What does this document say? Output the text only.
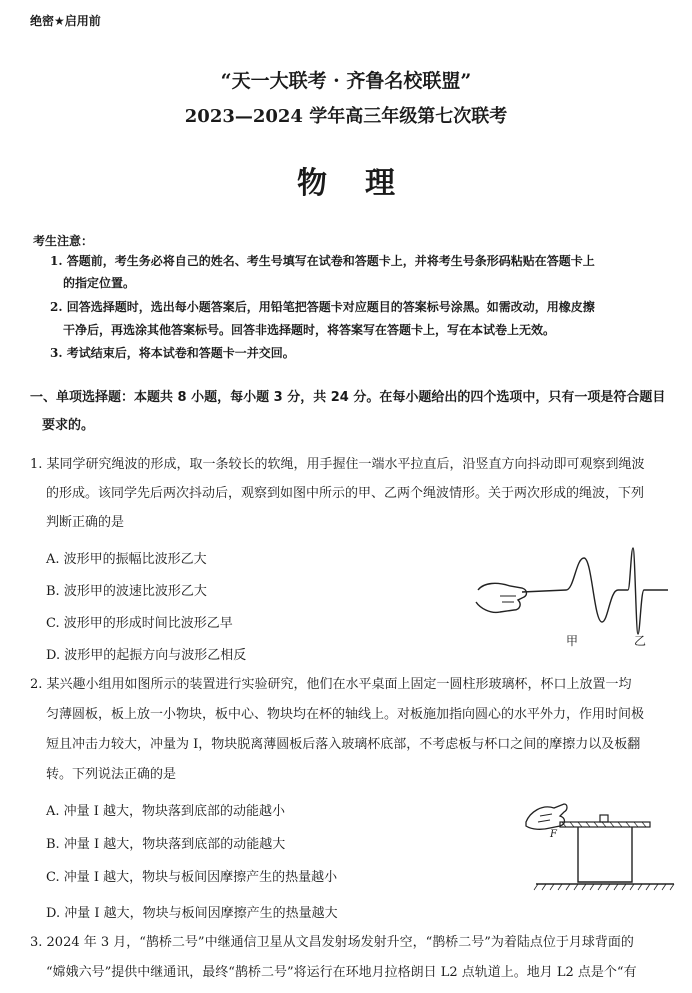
绝密★启用前
“天一大联考 · 齐鲁名校联盟”
2023—2024 学年高三年级第七次联考
物理
考生注意：
1. 答题前，考生务必将自己的姓名、考生号填写在试卷和答题卡上，并将考生号条形码粘贴在答题卡上
的指定位置。
2. 回答选择题时，选出每小题答案后，用铅笔把答题卡对应题目的答案标号涂黑。如需改动，用橡皮擦
干净后，再选涂其他答案标号。回答非选择题时，将答案写在答题卡上，写在本试卷上无效。
3. 考试结束后，将本试卷和答题卡一并交回。
一、单项选择题：本题共 8 小题，每小题 3 分，共 24 分。在每小题给出的四个选项中，只有一项是符合题目
要求的。
1. 某同学研究绳波的形成，取一条较长的软绳，用手握住一端水平拉直后，沿竖直方向抖动即可观察到绳波
的形成。该同学先后两次抖动后，观察到如图中所示的甲、乙两个绳波情形。关于两次形成的绳波，下列
判断正确的是
A. 波形甲的振幅比波形乙大
B. 波形甲的波速比波形乙大
C. 波形甲的形成时间比波形乙早
D. 波形甲的起振方向与波形乙相反
甲	乙
2. 某兴趣小组用如图所示的装置进行实验研究，他们在水平桌面上固定一圆柱形玻璃杯，杯口上放置一均
匀薄圆板，板上放一小物块，板中心、物块均在杯的轴线上。对板施加指向圆心的水平外力，作用时间极
短且冲击力较大，冲量为 I，物块脱离薄圆板后落入玻璃杯底部，不考虑板与杯口之间的摩擦力以及板翻
转。下列说法正确的是
A. 冲量 I 越大，物块落到底部的动能越小
B. 冲量 I 越大，物块落到底部的动能越大
C. 冲量 I 越大，物块与板间因摩擦产生的热量越小
D. 冲量 I 越大，物块与板间因摩擦产生的热量越大
F
3. 2024 年 3 月，“鹊桥二号”中继通信卫星从文昌发射场发射升空，“鹊桥二号”为着陆点位于月球背面的
“嫦娥六号”提供中继通讯，最终“鹊桥二号”将运行在环地月拉格朗日 L2 点轨道上。地月 L2 点是个“有
